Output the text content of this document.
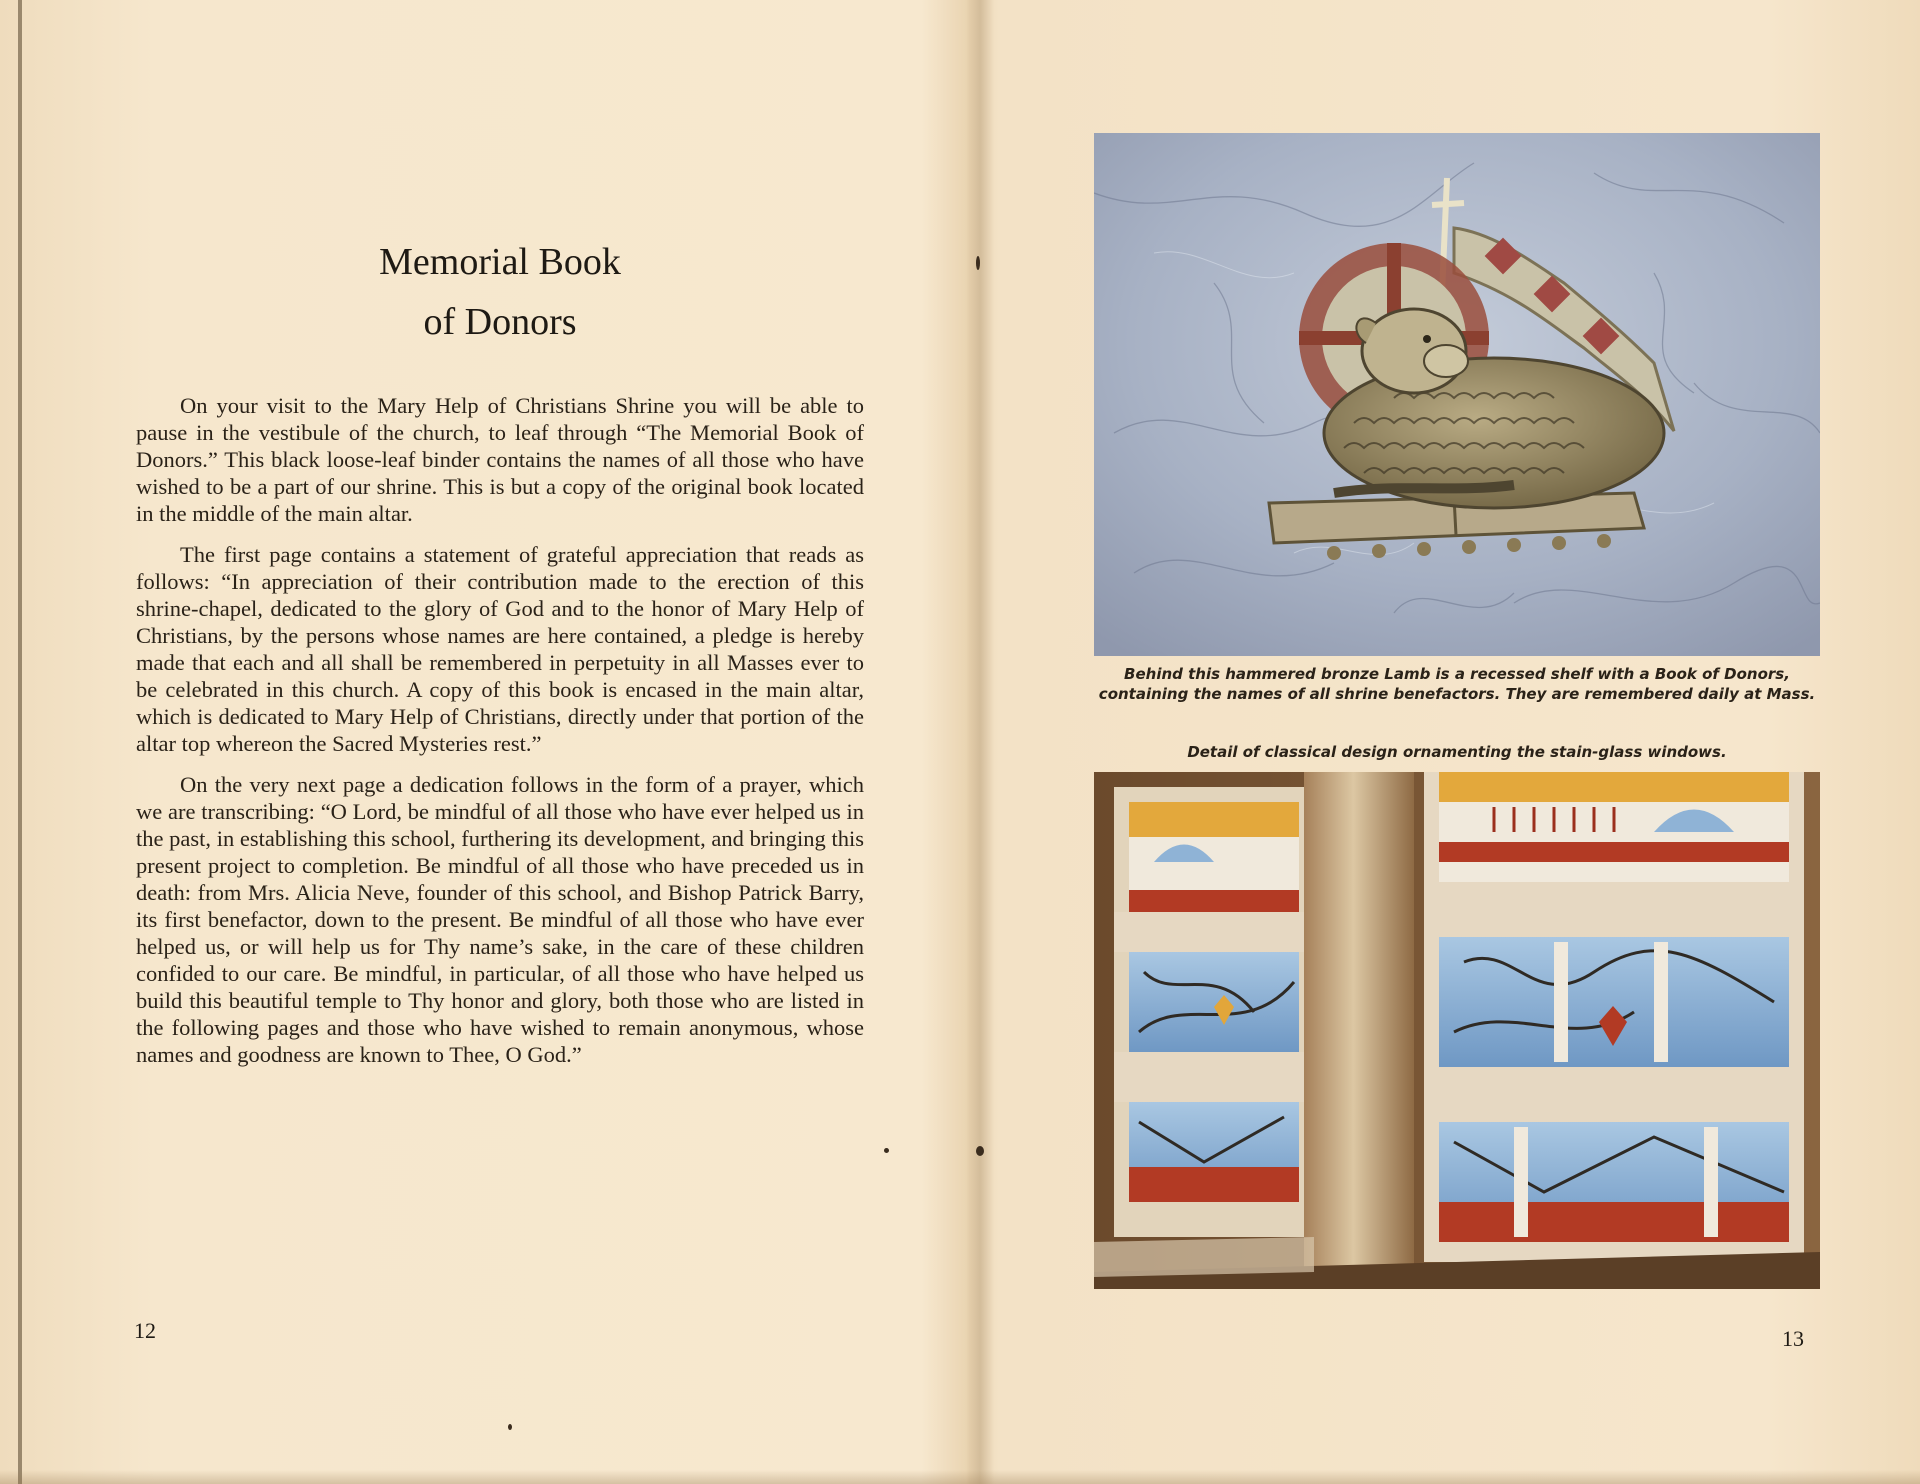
Memorial Book
of Donors

On your visit to the Mary Help of Christians Shrine you will be able to pause in the vestibule of the church, to leaf through “The Memorial Book of Donors.” This black loose-leaf binder contains the names of all those who have wished to be a part of our shrine. This is but a copy of the original book located in the middle of the main altar.

The first page contains a statement of grateful appreciation that reads as follows: “In appreciation of their contribution made to the erection of this shrine-chapel, dedicated to the glory of God and to the honor of Mary Help of Christians, by the persons whose names are here contained, a pledge is hereby made that each and all shall be remembered in perpetuity in all Masses ever to be celebrated in this church. A copy of this book is encased in the main altar, which is dedicated to Mary Help of Christians, directly under that portion of the altar top whereon the Sacred Mysteries rest.”

On the very next page a dedication follows in the form of a prayer, which we are transcribing: “O Lord, be mindful of all those who have ever helped us in the past, in establishing this school, furthering its development, and bringing this present project to completion. Be mindful of all those who have preceded us in death: from Mrs. Alicia Neve, founder of this school, and Bishop Patrick Barry, its first benefactor, down to the present. Be mindful of all those who have ever helped us, or will help us for Thy name’s sake, in the care of these children confided to our care. Be mindful, in particular, of all those who have helped us build this beautiful temple to Thy honor and glory, both those who are listed in the following pages and those who have wished to remain anonymous, whose names and goodness are known to Thee, O God.”

12

Behind this hammered bronze Lamb is a recessed shelf with a Book of Donors, containing the names of all shrine benefactors. They are remembered daily at Mass.

Detail of classical design ornamenting the stain-glass windows.

13
